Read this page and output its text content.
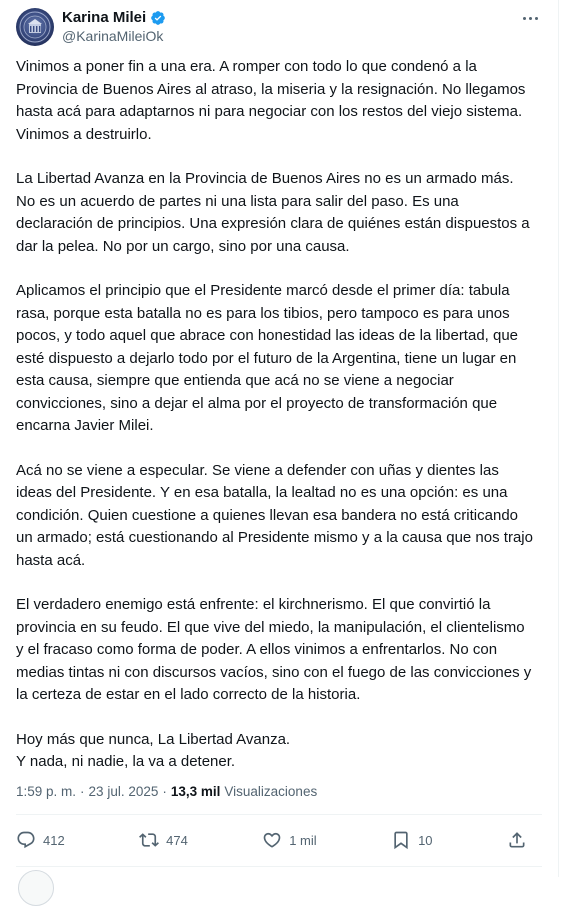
Karina Milei
@KarinaMileiOk

Vinimos a poner fin a una era. A romper con todo lo que condenó a la Provincia de Buenos Aires al atraso, la miseria y la resignación. No llegamos hasta acá para adaptarnos ni para negociar con los restos del viejo sistema. Vinimos a destruirlo.

La Libertad Avanza en la Provincia de Buenos Aires no es un armado más. No es un acuerdo de partes ni una lista para salir del paso. Es una declaración de principios. Una expresión clara de quiénes están dispuestos a dar la pelea. No por un cargo, sino por una causa.

Aplicamos el principio que el Presidente marcó desde el primer día: tabula rasa, porque esta batalla no es para los tibios, pero tampoco es para unos pocos, y todo aquel que abrace con honestidad las ideas de la libertad, que esté dispuesto a dejarlo todo por el futuro de la Argentina, tiene un lugar en esta causa, siempre que entienda que acá no se viene a negociar convicciones, sino a dejar el alma por el proyecto de transformación que encarna Javier Milei.

Acá no se viene a especular. Se viene a defender con uñas y dientes las ideas del Presidente. Y en esa batalla, la lealtad no es una opción: es una condición. Quien cuestione a quienes llevan esa bandera no está criticando un armado; está cuestionando al Presidente mismo y a la causa que nos trajo hasta acá.

El verdadero enemigo está enfrente: el kirchnerismo. El que convirtió la provincia en su feudo. El que vive del miedo, la manipulación, el clientelismo y el fracaso como forma de poder. A ellos vinimos a enfrentarlos. No con medias tintas ni con discursos vacíos, sino con el fuego de las convicciones y la certeza de estar en el lado correcto de la historia.

Hoy más que nunca, La Libertad Avanza.
Y nada, ni nadie, la va a detener.

1:59 p. m. · 23 jul. 2025 · 13,3 mil Visualizaciones
412	474	1 mil	10
